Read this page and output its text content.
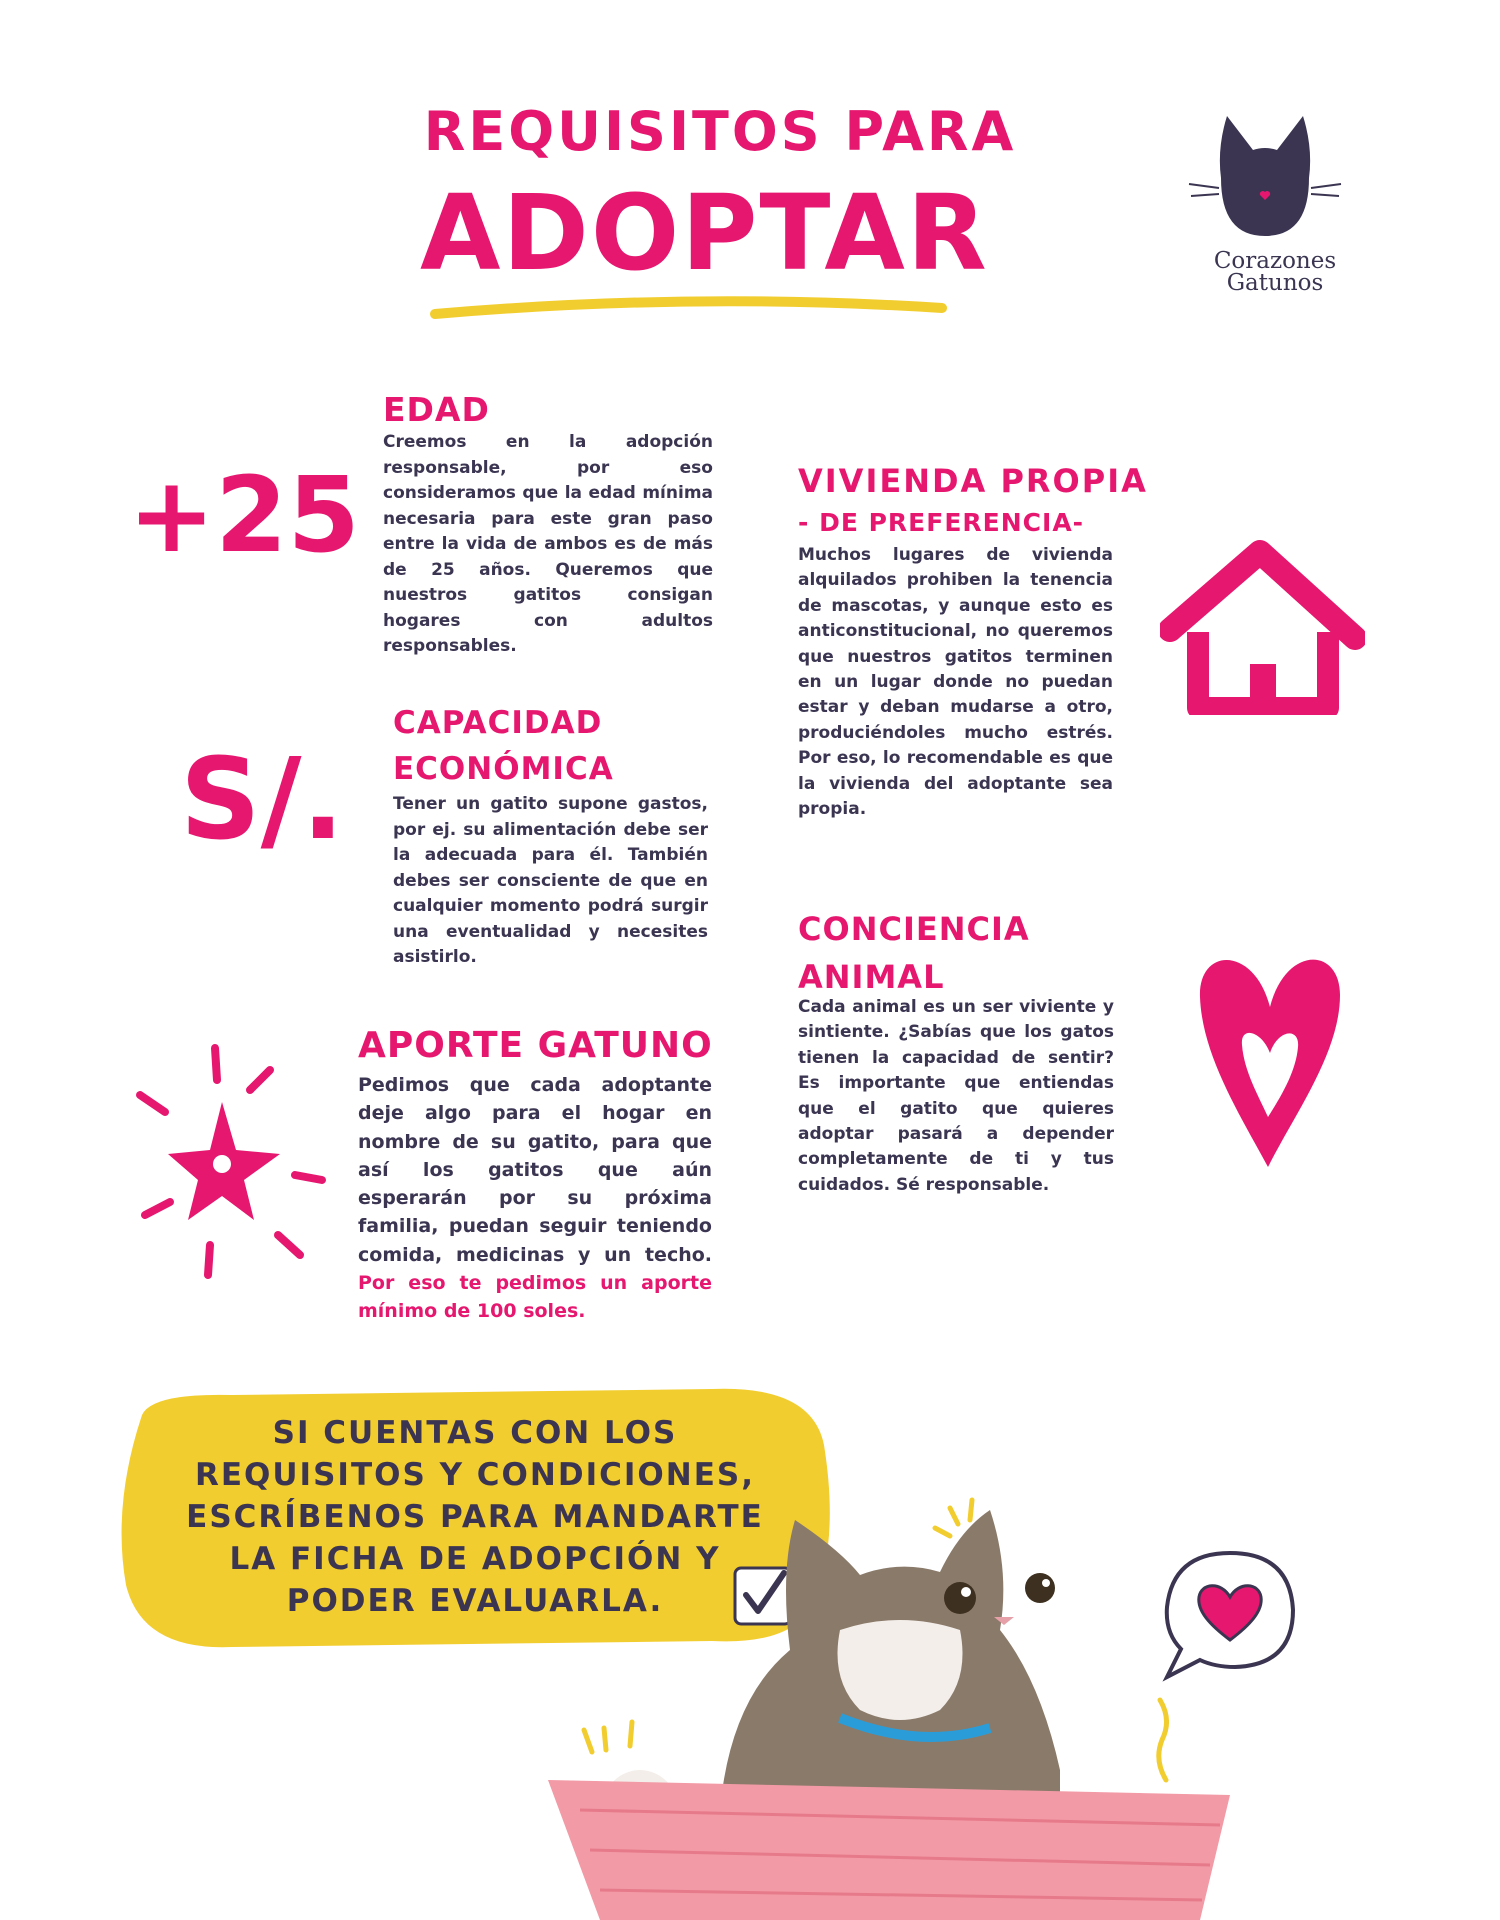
REQUISITOS PARA
ADOPTAR	Corazones
Gatunos
+25
EDAD
Creemos en la adopción responsable, por eso consideramos que la edad mínima necesaria para este gran paso entre la vida de ambos es de más de 25 años. Queremos que nuestros gatitos consigan hogares con adultos responsables.
S/.
CAPACIDAD
ECONÓMICA
Tener un gatito supone gastos, por ej. su alimentación debe ser la adecuada para él. También debes ser consciente de que en cualquier momento podrá surgir una eventualidad y necesites asistirlo.
APORTE GATUNO
Pedimos que cada adoptante deje algo para el hogar en nombre de su gatito, para que así los gatitos que aún esperarán por su próxima familia, puedan seguir teniendo comida, medicinas y un techo. Por eso te pedimos un aporte mínimo de 100 soles.
VIVIENDA PROPIA
- DE PREFERENCIA-
Muchos lugares de vivienda alquilados prohiben la tenencia de mascotas, y aunque esto es anticonstitucional, no queremos que nuestros gatitos terminen en un lugar donde no puedan estar y deban mudarse a otro, produciéndoles mucho estrés. Por eso, lo recomendable es que la vivienda del adoptante sea propia.
CONCIENCIA
ANIMAL
Cada animal es un ser viviente y sintiente. ¿Sabías que los gatos tienen la capacidad de sentir? Es importante que entiendas que el gatito que quieres adoptar pasará a depender completamente de ti y tus cuidados. Sé responsable.
SI CUENTAS CON LOS
REQUISITOS Y CONDICIONES,
ESCRÍBENOS PARA MANDARTE
LA FICHA DE ADOPCIÓN Y
PODER EVALUARLA.
